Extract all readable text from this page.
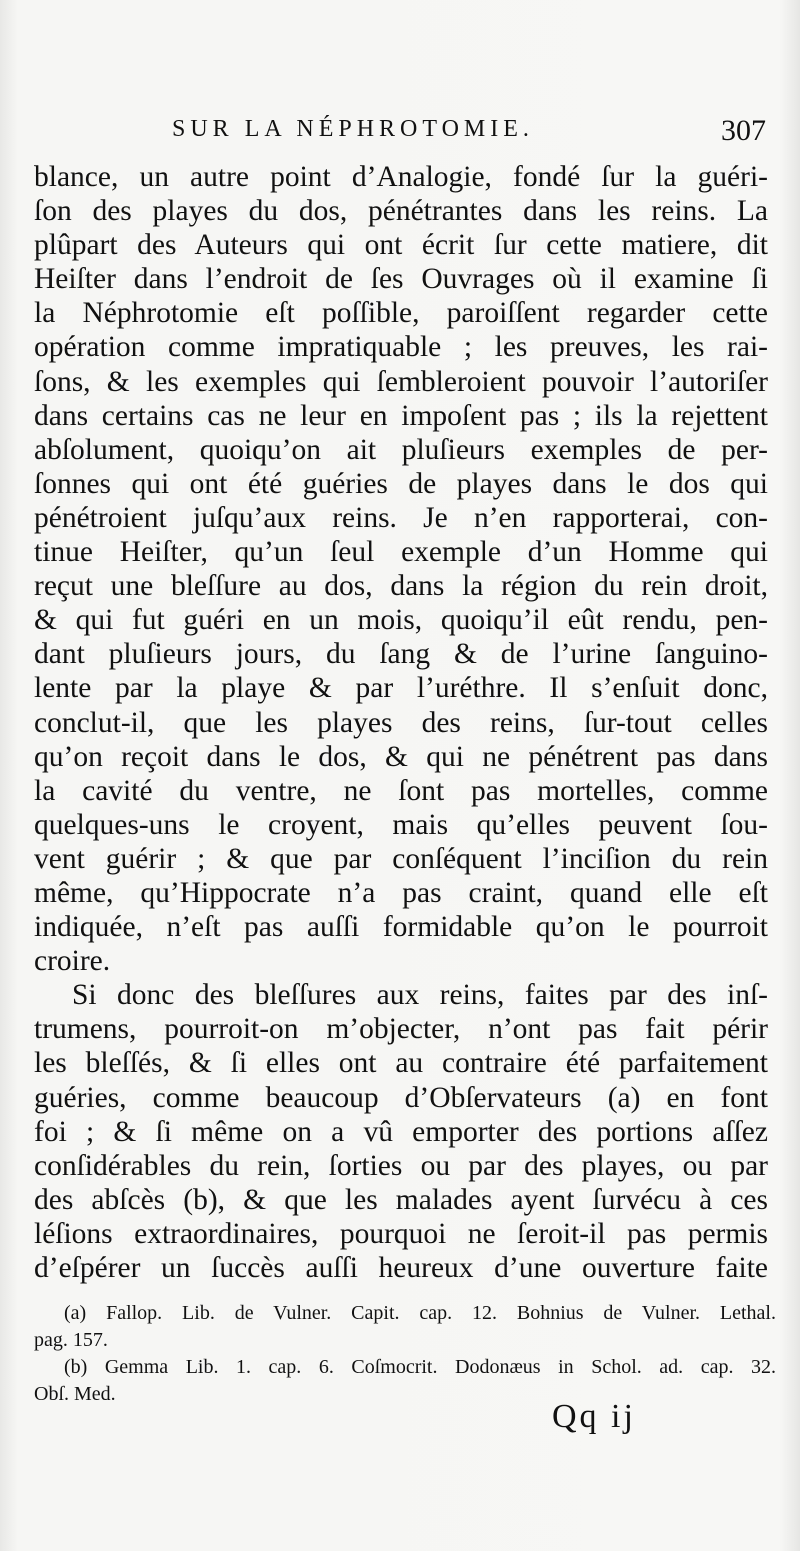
SUR LA NÉPHROTOMIE.	307
blance, un autre point d’Analogie, fondé ſur la guéri-
ſon des playes du dos, pénétrantes dans les reins. La
plûpart des Auteurs qui ont écrit ſur cette matiere, dit
Heiſter dans l’endroit de ſes Ouvrages où il examine ſi
la Néphrotomie eſt poſſible, paroiſſent regarder cette
opération comme impratiquable ; les preuves, les rai-
ſons, & les exemples qui ſembleroient pouvoir l’autoriſer
dans certains cas ne leur en impoſent pas ; ils la rejettent
abſolument, quoiqu’on ait pluſieurs exemples de per-
ſonnes qui ont été guéries de playes dans le dos qui
pénétroient juſqu’aux reins. Je n’en rapporterai, con-
tinue Heiſter, qu’un ſeul exemple d’un Homme qui
reçut une bleſſure au dos, dans la région du rein droit,
& qui fut guéri en un mois, quoiqu’il eût rendu, pen-
dant pluſieurs jours, du ſang & de l’urine ſanguino-
lente par la playe & par l’uréthre. Il s’enſuit donc,
conclut-il, que les playes des reins, ſur-tout celles
qu’on reçoit dans le dos, & qui ne pénétrent pas dans
la cavité du ventre, ne ſont pas mortelles, comme
quelques-uns le croyent, mais qu’elles peuvent ſou-
vent guérir ; & que par conſéquent l’inciſion du rein
même, qu’Hippocrate n’a pas craint, quand elle eſt
indiquée, n’eſt pas auſſi formidable qu’on le pourroit
croire.
Si donc des bleſſures aux reins, faites par des inſ-
trumens, pourroit-on m’objecter, n’ont pas fait périr
les bleſſés, & ſi elles ont au contraire été parfaitement
guéries, comme beaucoup d’Obſervateurs (a) en font
foi ; & ſi même on a vû emporter des portions aſſez
conſidérables du rein, ſorties ou par des playes, ou par
des abſcès (b), & que les malades ayent ſurvécu à ces
léſions extraordinaires, pourquoi ne ſeroit-il pas permis
d’eſpérer un ſuccès auſſi heureux d’une ouverture faite
(a) Fallop. Lib. de Vulner. Capit. cap. 12. Bohnius de Vulner. Lethal.
pag. 157.
(b) Gemma Lib. 1. cap. 6. Coſmocrit. Dodonæus in Schol. ad. cap. 32.
Obſ. Med.
Qq ij
